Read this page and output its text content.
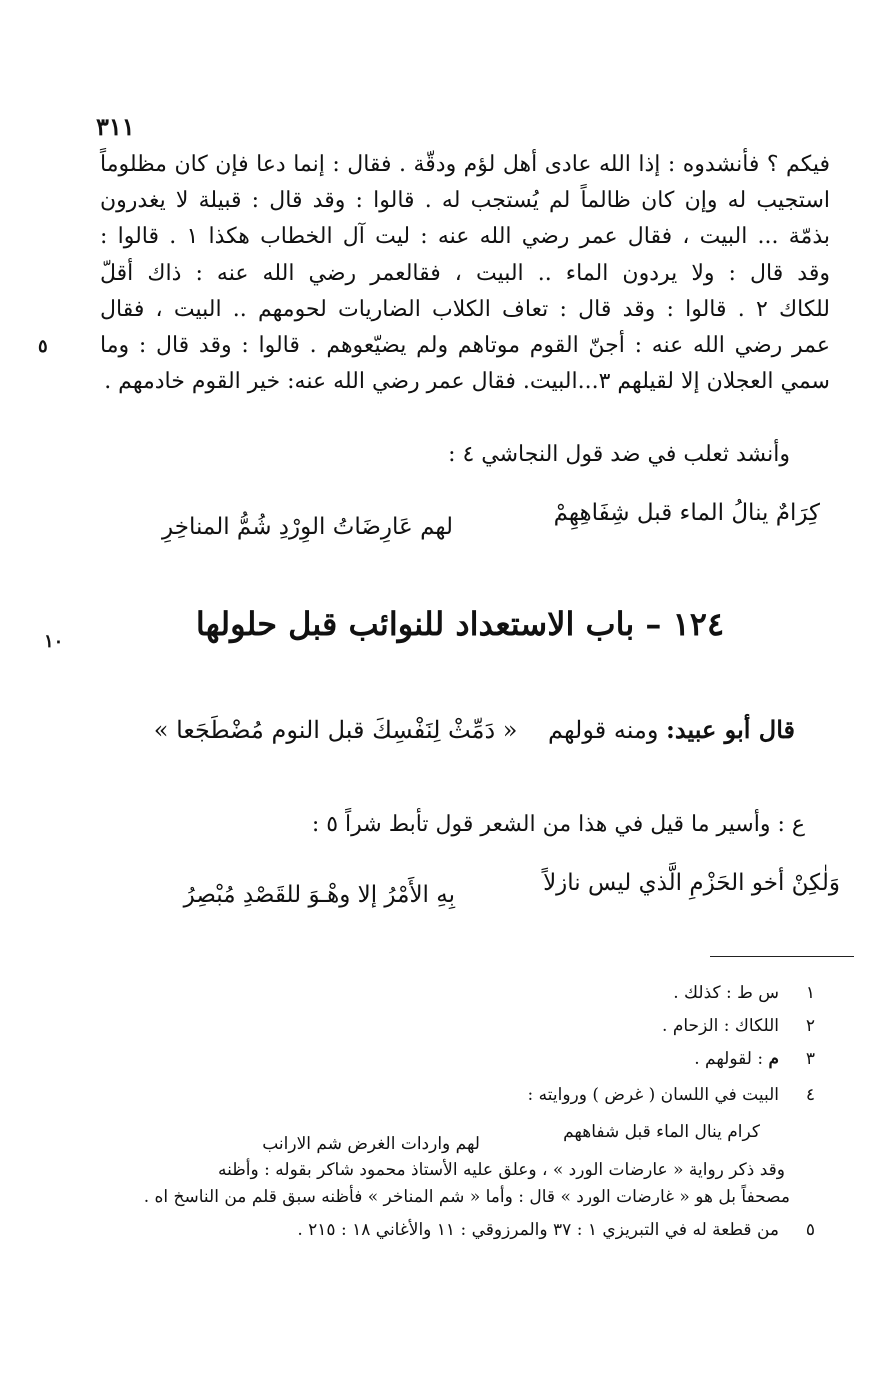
٣١١
فيكم ؟ فأنشدوه : إذا الله عادى أهل لؤم ودقّة . فقال : إنما دعا فإن كان مظلوماً
استجيب له وإن كان ظالماً لم يُستجب له . قالوا : وقد قال : قبيلة لا يغدرون
بذمّة ... البيت ، فقال عمر رضي الله عنه : ليت آل الخطاب هكذا ١ . قالوا :
وقد قال : ولا يردون الماء .. البيت ، فقالعمر رضي الله عنه : ذاك أقلّ
للكاك ٢ . قالوا : وقد قال : تعاف الكلاب الضاريات لحومهم .. البيت ، فقال
عمر رضي الله عنه : أجنّ القوم موتاهم ولم يضيّعوهم . قالوا : وقد قال : وما
سمي العجلان إلا لقيلهم ٣...البيت. فقال عمر رضي الله عنه: خير القوم خادمهم .
٥
وأنشد ثعلب في ضد قول النجاشي ٤ :
كِرَامٌ ينالُ الماء قبل شِفَاهِهِمْ
لهم عَارِضَاتُ الوِرْدِ شُمُّ المناخِرِ
١٢٤ – باب الاستعداد للنوائب قبل حلولها
١٠
قال أبو عبيد: ومنه قولهم    « دَمِّثْ لِنَفْسِكَ قبل النوم مُضْطَجَعا »
ع : وأسير ما قيل في هذا من الشعر قول تأبط شراً ٥ :
وَلٰكِنْ أخو الحَزْمِ الَّذي ليس نازلاً
بِهِ الأَمْرُ إلا وهْـوَ للقَصْدِ مُبْصِرُ
١س ط : كذلك .
٢اللكاك : الزحام .
٣م : لقولهم .
٤البيت في اللسان ( غرض ) وروايته :
كرام ينال الماء قبل شفاههم
لهم واردات الغرض شم الارانب
وقد ذكر رواية « عارضات الورد » ، وعلق عليه الأستاذ محمود شاكر بقوله : وأظنه
مصحفاً بل هو « غارضات الورد » قال : وأما « شم المناخر » فأظنه سبق قلم من الناسخ اه .
٥من قطعة له في التبريزي ١ : ٣٧ والمرزوقي : ١١ والأغاني ١٨ : ٢١٥ .
